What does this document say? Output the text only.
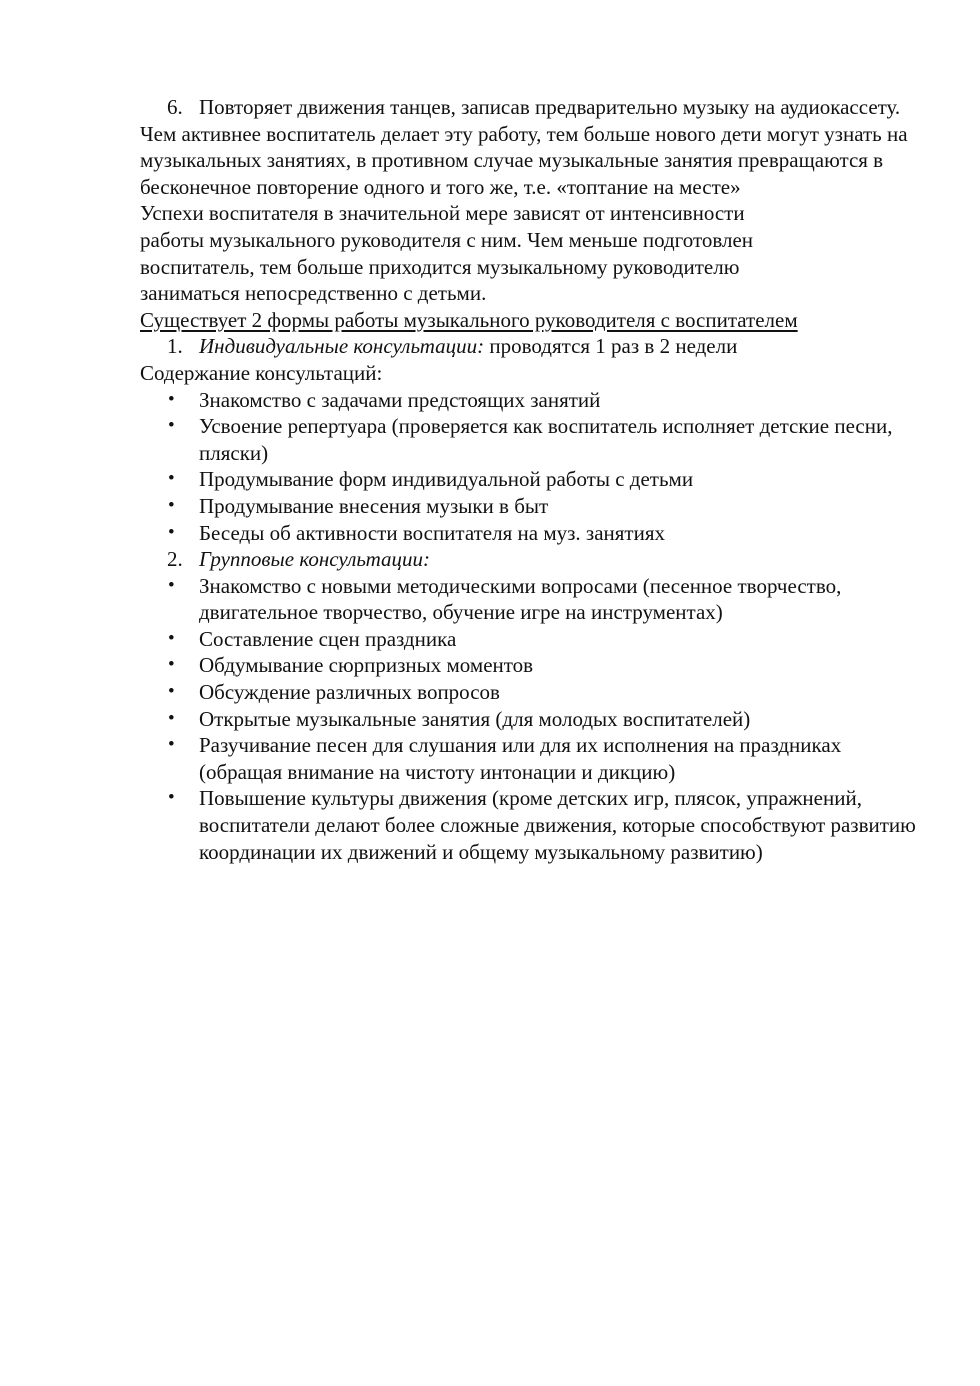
6. Повторяет движения танцев, записав предварительно музыку на аудиокассету.

Чем активнее воспитатель делает эту работу, тем больше нового дети могут узнать на музыкальных занятиях, в противном случае музыкальные занятия превращаются в бесконечное повторение одного и того же, т.е. «топтание на месте»

Успехи воспитателя в значительной мере зависят от интенсивности

работы музыкального руководителя с ним. Чем меньше подготовлен

воспитатель, тем больше приходится музыкальному руководителю

заниматься непосредственно с детьми.

Существует 2 формы работы музыкального руководителя с воспитателем

1. Индивидуальные консультации: проводятся 1 раз в 2 недели

Содержание консультаций:

• Знакомство с задачами предстоящих занятий
• Усвоение репертуара (проверяется как воспитатель исполняет детские песни, пляски)
• Продумывание форм индивидуальной работы с детьми
• Продумывание внесения музыки в быт
• Беседы об активности воспитателя на муз. занятиях
2. Групповые консультации:
• Знакомство с новыми методическими вопросами (песенное творчество, двигательное творчество, обучение игре на инструментах)
• Составление сцен праздника
• Обдумывание сюрпризных моментов
• Обсуждение различных вопросов
• Открытые музыкальные занятия (для молодых воспитателей)
• Разучивание песен для слушания или для их исполнения на праздниках (обращая внимание на чистоту интонации и дикцию)
• Повышение культуры движения (кроме детских игр, плясок, упражнений, воспитатели делают более сложные движения, которые способствуют развитию координации их движений и общему музыкальному развитию)
